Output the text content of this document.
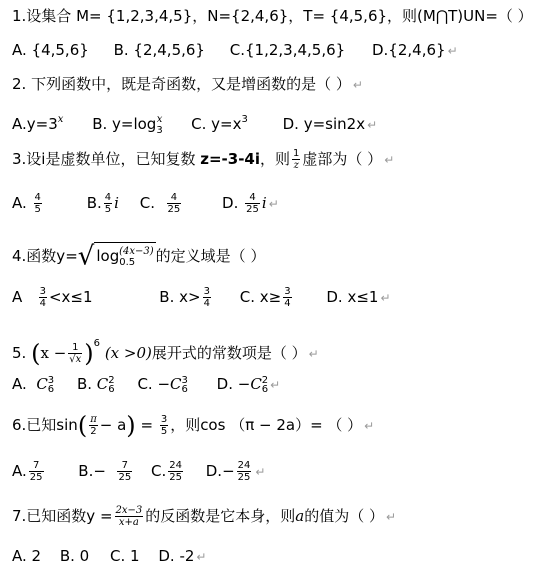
1.设集合 M= {1,2,3,4,5}，N={2,4,6}，T= {4,5,6}，则(M⋂T)UN=（ ）
A. {4,5,6} B. {2,4,5,6} C.{1,2,3,4,5,6} D.{2,4,6} ↵
2. 下列函数中，既是奇函数，又是增函数的是（ ） ↵
$A.y=3^x$ B. $y=\log_3^x$ C. $y=x^3$ D. y=sin2x ↵
3.设i是虚数单位，已知复数 z=-3-4i，则 $\frac{1}{z}$ 虚部为（ ） ↵
A. $\frac{4}{5}$	B. $\frac{4}{5}$ i C. $\frac{4}{25}$	D. $\frac{4}{25}$ i ↵
4.函数y=√ $\log_{0.5}^{(4x-3)}$ 的定义域是（ ）
A $\frac{3}{4} <x\le 1$	B. $x> \frac{3}{4} C$. $x\ge \frac{3}{4} D$. x≤1 ↵
5. $(x - \frac{1}{√x} )^6$ (x >0)展开式的常数项是（ ） ↵
A. C 3
6 B. C 2
6 C. −C 3
6 D. −C 2
6 ↵
6.已知$\sin( \frac{\pi}{2} - a) = \frac{3}{5}$ ，则cos （π − 2a）= （ ） ↵
A. $\frac{7}{25} B.- \frac{7}{25} C$. $\frac{24}{25} D.- \frac{24}{25}$ ↵
7.已知函数$y = \frac{2x-3}{x+a}$ 的反函数是它本身，则a的值为（ ） ↵
A. 2 B. 0 C. 1 D. -2 ↵
